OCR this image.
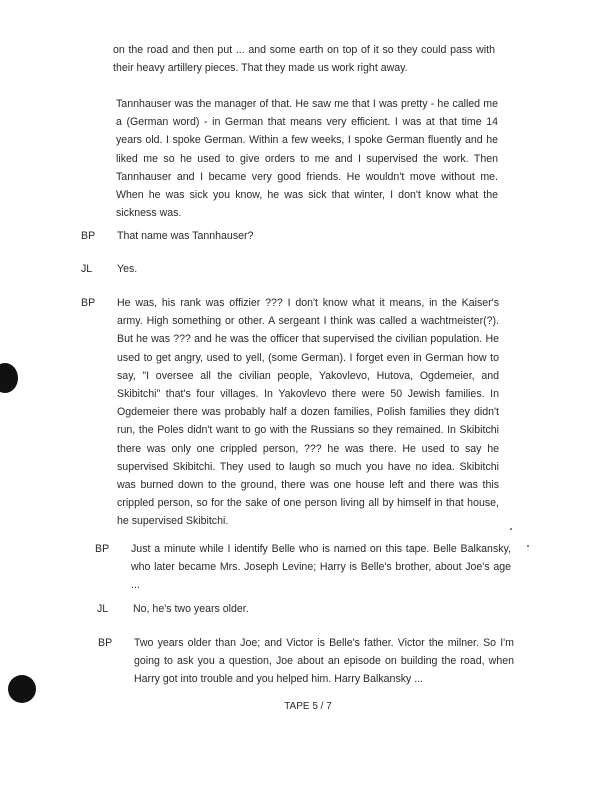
on the road and then put ... and some earth on top of it so they could pass with their heavy artillery pieces. That they made us work right away.

Tannhauser was the manager of that. He saw me that I was pretty - he called me a (German word) - in German that means very efficient. I was at that time 14 years old. I spoke German. Within a few weeks, I spoke German fluently and he liked me so he used to give orders to me and I supervised the work. Then Tannhauser and I became very good friends. He wouldn't move without me. When he was sick you know, he was sick that winter, I don't know what the sickness was.

BP That name was Tannhauser?

JL Yes.

BP He was, his rank was offizier ??? I don't know what it means, in the Kaiser's army. High something or other. A sergeant I think was called a wachtmeister(?). But he was ??? and he was the officer that supervised the civilian population. He used to get angry, used to yell, (some German). I forget even in German how to say, "I oversee all the civilian people, Yakovlevo, Hutova, Ogdemeier, and Skibitchi" that's four villages. In Yakovlevo there were 50 Jewish families. In Ogdemeier there was probably half a dozen families, Polish families they didn't run, the Poles didn't want to go with the Russians so they remained. In Skibitchi there was only one crippled person, ??? he was there. He used to say he supervised Skibitchi. They used to laugh so much you have no idea. Skibitchi was burned down to the ground, there was one house left and there was this crippled person, so for the sake of one person living all by himself in that house, he supervised Skibitchi.

BP Just a minute while I identify Belle who is named on this tape. Belle Balkansky, who later became Mrs. Joseph Levine; Harry is Belle's brother, about Joe's age ...

JL No, he's two years older.

BP Two years older than Joe; and Victor is Belle's father. Victor the milner. So I'm going to ask you a question, Joe about an episode on building the road, when Harry got into trouble and you helped him. Harry Balkansky ...

TAPE 5 / 7
